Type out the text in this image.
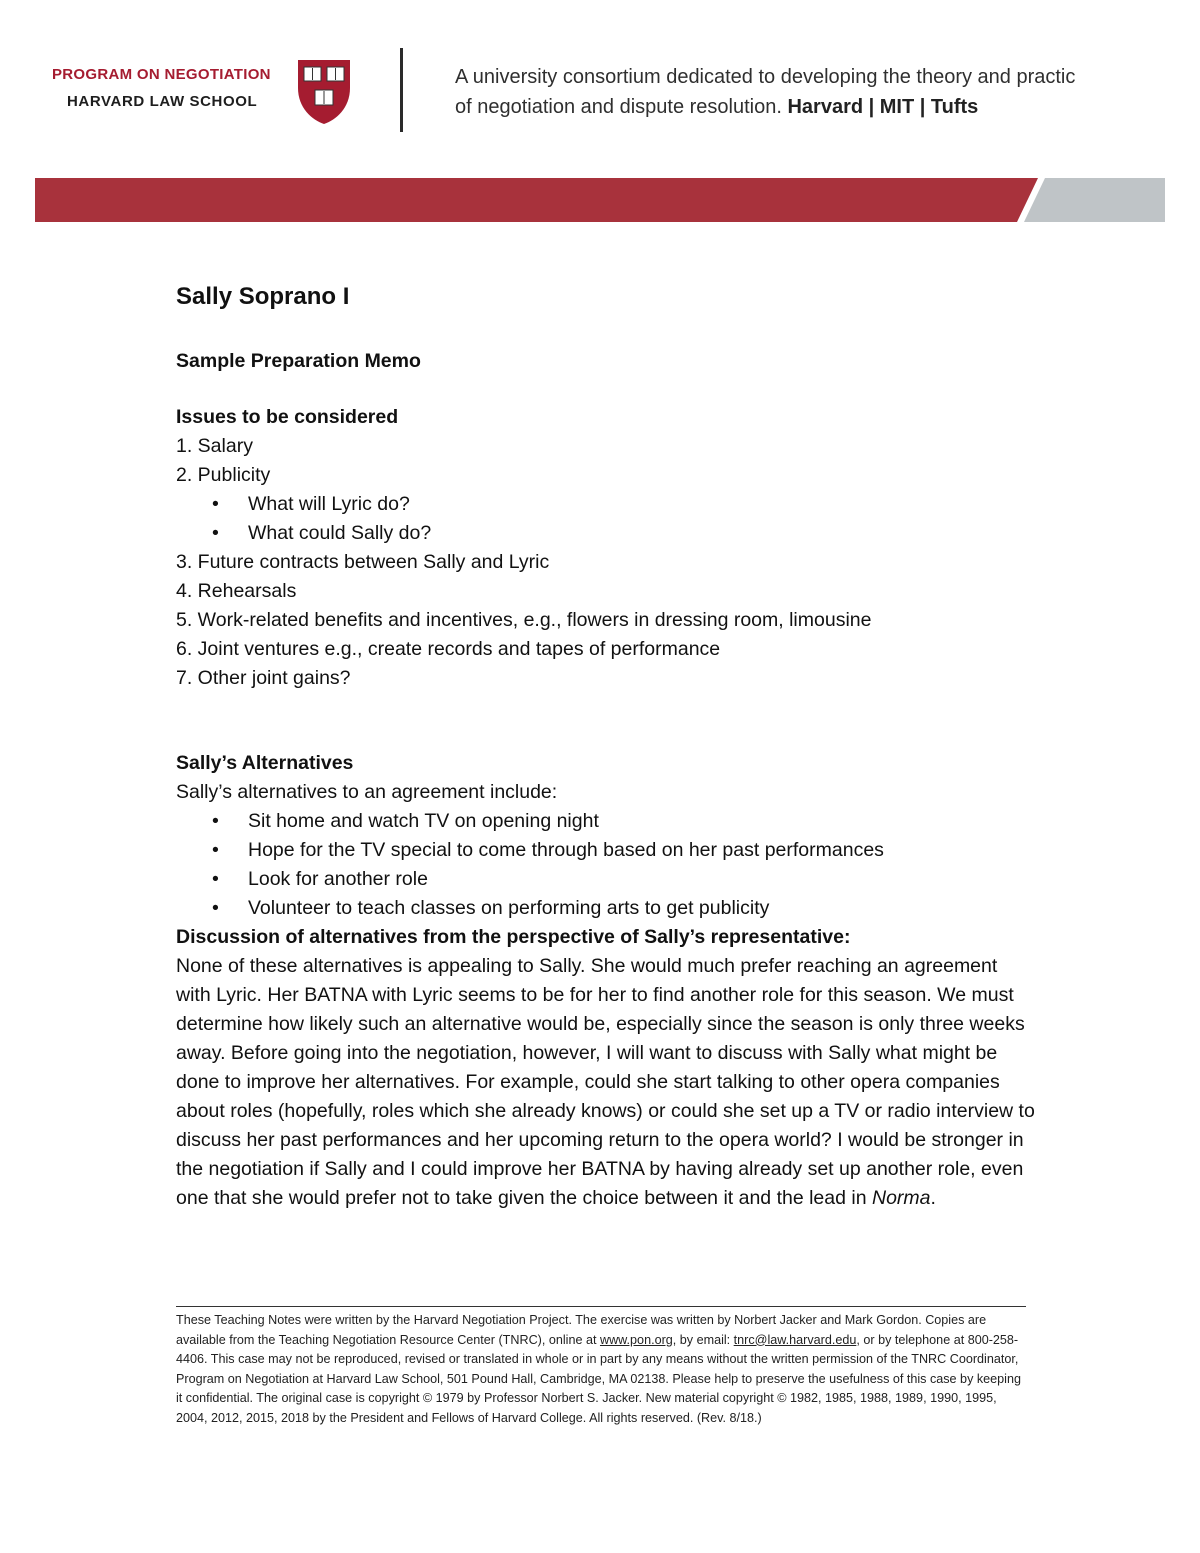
PROGRAM ON NEGOTIATION
HARVARD LAW SCHOOL
A university consortium dedicated to developing the theory and practic
of negotiation and dispute resolution. Harvard | MIT | Tufts
Sally Soprano I
Sample Preparation Memo
Issues to be considered
1. Salary
2. Publicity
• What will Lyric do?
• What could Sally do?
3. Future contracts between Sally and Lyric
4. Rehearsals
5. Work-related benefits and incentives, e.g., flowers in dressing room, limousine
6. Joint ventures e.g., create records and tapes of performance
7. Other joint gains?
Sally’s Alternatives

Sally’s alternatives to an agreement include:

• Sit home and watch TV on opening night
• Hope for the TV special to come through based on her past performances
• Look for another role
• Volunteer to teach classes on performing arts to get publicity
Discussion of alternatives from the perspective of Sally’s representative:

None of these alternatives is appealing to Sally. She would much prefer reaching an agreement with Lyric. Her BATNA with Lyric seems to be for her to find another role for this season. We must determine how likely such an alternative would be, especially since the season is only three weeks away. Before going into the negotiation, however, I will want to discuss with Sally what might be done to improve her alternatives. For example, could she start talking to other opera companies about roles (hopefully, roles which she already knows) or could she set up a TV or radio interview to discuss her past performances and her upcoming return to the opera world? I would be stronger in the negotiation if Sally and I could improve her BATNA by having already set up another role, even one that she would prefer not to take given the choice between it and the lead in Norma.

These Teaching Notes were written by the Harvard Negotiation Project. The exercise was written by Norbert Jacker and Mark Gordon. Copies are available from the Teaching Negotiation Resource Center (TNRC), online at www.pon.org, by email: tnrc@law.harvard.edu, or by telephone at 800-258-4406. This case may not be reproduced, revised or translated in whole or in part by any means without the written permission of the TNRC Coordinator, Program on Negotiation at Harvard Law School, 501 Pound Hall, Cambridge, MA 02138. Please help to preserve the usefulness of this case by keeping it confidential. The original case is copyright © 1979 by Professor Norbert S. Jacker. New material copyright © 1982, 1985, 1988, 1989, 1990, 1995, 2004, 2012, 2015, 2018 by the President and Fellows of Harvard College. All rights reserved. (Rev. 8/18.)
